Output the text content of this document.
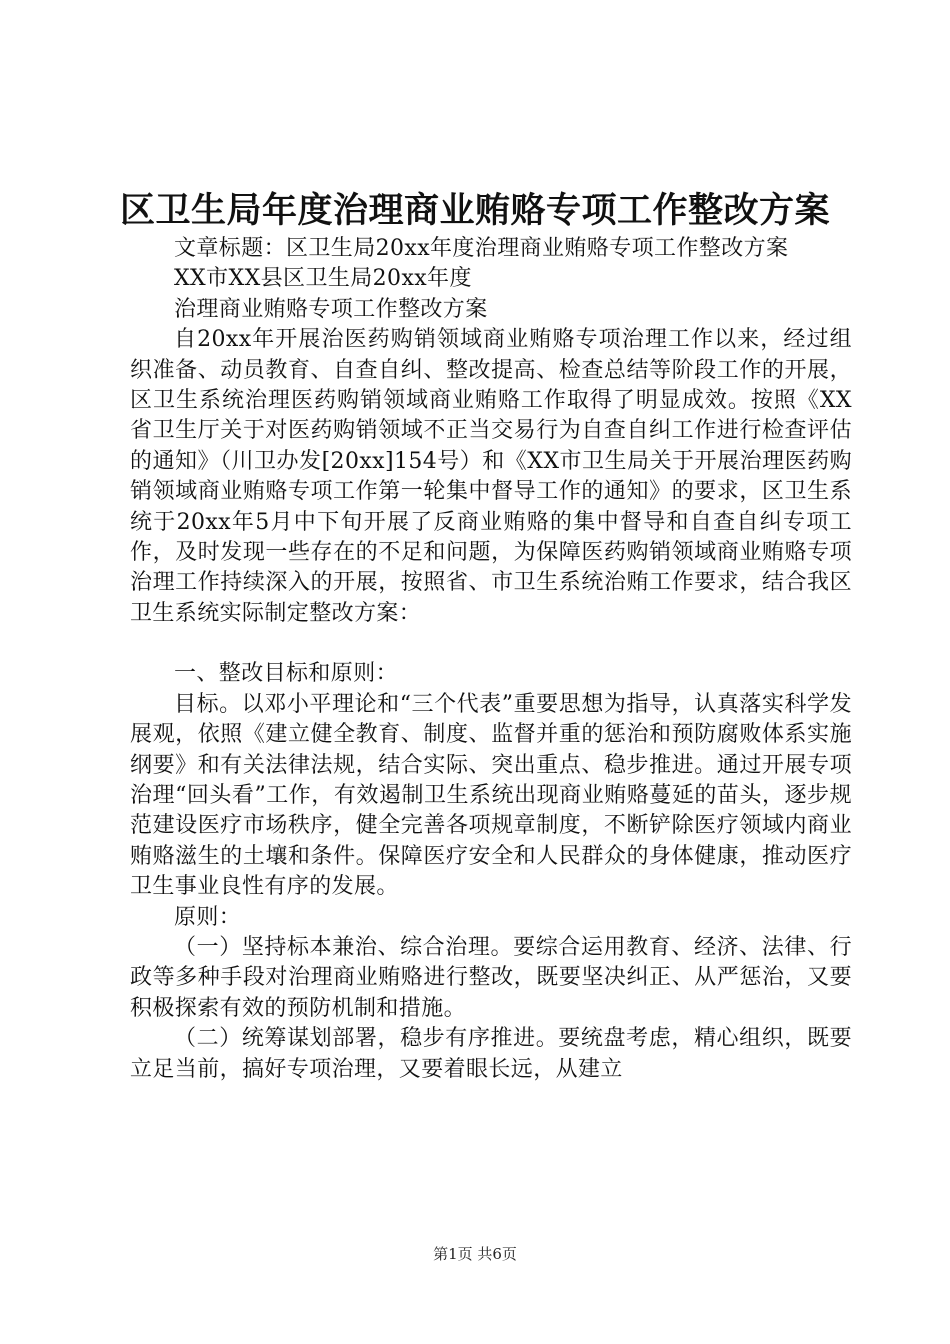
区卫生局年度治理商业贿赂专项工作整改方案

文章标题：区卫生局20xx年度治理商业贿赂专项工作整改方案

XX市XX县区卫生局20xx年度

治理商业贿赂专项工作整改方案

自20xx年开展治医药购销领域商业贿赂专项治理工作以来，经过组织准备、动员教育、自查自纠、整改提高、检查总结等阶段工作的开展，区卫生系统治理医药购销领域商业贿赂工作取得了明显成效。按照《XX省卫生厅关于对医药购销领域不正当交易行为自查自纠工作进行检查评估的通知》（川卫办发[20xx]154号）和《XX市卫生局关于开展治理医药购销领域商业贿赂专项工作第一轮集中督导工作的通知》的要求，区卫生系统于20xx年5月中下旬开展了反商业贿赂的集中督导和自查自纠专项工作，及时发现一些存在的不足和问题，为保障医药购销领域商业贿赂专项治理工作持续深入的开展，按照省、市卫生系统治贿工作要求，结合我区卫生系统实际制定整改方案：

一、整改目标和原则：

目标。以邓小平理论和“三个代表”重要思想为指导，认真落实科学发展观，依照《建立健全教育、制度、监督并重的惩治和预防腐败体系实施纲要》和有关法律法规，结合实际、突出重点、稳步推进。通过开展专项治理“回头看”工作，有效遏制卫生系统出现商业贿赂蔓延的苗头，逐步规范建设医疗市场秩序，健全完善各项规章制度，不断铲除医疗领域内商业贿赂滋生的土壤和条件。保障医疗安全和人民群众的身体健康，推动医疗卫生事业良性有序的发展。

原则：

（一）坚持标本兼治、综合治理。要综合运用教育、经济、法律、行政等多种手段对治理商业贿赂进行整改，既要坚决纠正、从严惩治，又要积极探索有效的预防机制和措施。

（二）统筹谋划部署，稳步有序推进。要统盘考虑，精心组织，既要立足当前，搞好专项治理，又要着眼长远，从建立

第1页 共6页
